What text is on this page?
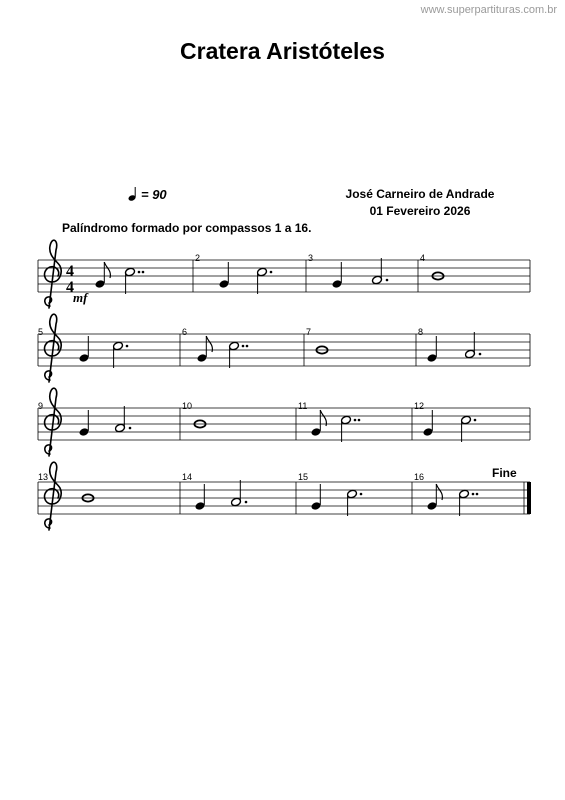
www.superpartituras.com.br
Cratera Aristóteles
= 90	José Carneiro de Andrade
01 Fevereiro 2026
Palíndromo formado por compassos 1 a 16.
Fine
4
4
mf
2	3	4
5	6	7	8
9	10	11	12
13	14	15	16
